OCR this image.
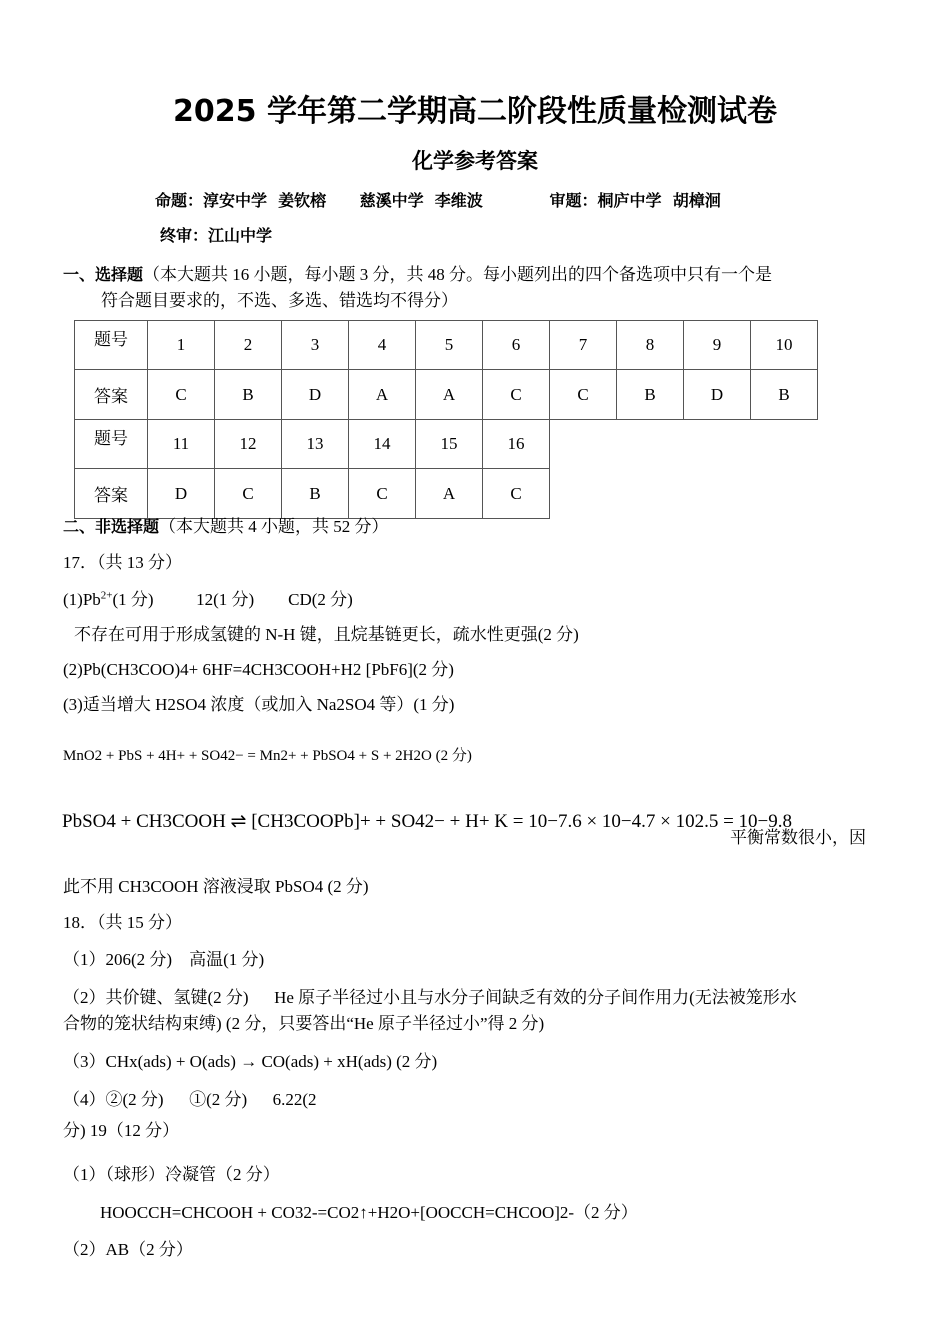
2025 学年第二学期高二阶段性质量检测试卷
化学参考答案
命题：淳安中学  姜钦榕      慈溪中学  李维波            审题：桐庐中学  胡樟洄
终审：江山中学
一、选择题（本大题共 16 小题，每小题 3 分，共 48 分。每小题列出的四个备选项中只有一个是
符合题目要求的，不选、多选、错选均不得分）
题号	1	2	3	4	5	6	7	8	9	10
答案	C	B	D	A	A	C	C	B	D	B
题号	11	12	13	14	15	16				
答案	D	C	B	C	A	C				
二、非选择题（本大题共 4 小题，共 52 分）
17．（共 13 分）
$(1)Pb^{2+}(1$ 分)          12(1 分)        CD(2 分)
不存在可用于形成氢键的 N-H 键，且烷基链更长，疏水性更强(2 分)
(2)Pb(CH3COO)4+ 6HF=4CH3COOH+H2 [PbF6](2 分)
(3)适当增大 H2SO4 浓度（或加入 Na2SO4 等）(1 分)
MnO2 + PbS + 4H+ + SO42− = Mn2+ + PbSO4 + S + 2H2O (2 分)
PbSO4 + CH3COOH ⇌ [CH3COOPb]+ + SO42− + H+ K = 10−7.6 × 10−4.7 × 102.5 = 10−9.8
平衡常数很小，因
此不用 CH3COOH 溶液浸取 PbSO4 (2 分)
18．（共 15 分）
（1）206(2 分)    高温(1 分)
（2）共价键、氢键(2 分)      He 原子半径过小且与水分子间缺乏有效的分子间作用力(无法被笼形水
合物的笼状结构束缚) (2 分，只要答出“He 原子半径过小”得 2 分)
（3）CHx(ads) + O(ads) → CO(ads) + xH(ads) (2 分)
（4）②(2 分)      ①(2 分)      6.22(2
分) 19（12 分）
（1）（球形）冷凝管（2 分）
HOOCCH=CHCOOH + CO32-=CO2↑+H2O+[OOCCH=CHCOO]2-（2 分）
（2）AB（2 分）
